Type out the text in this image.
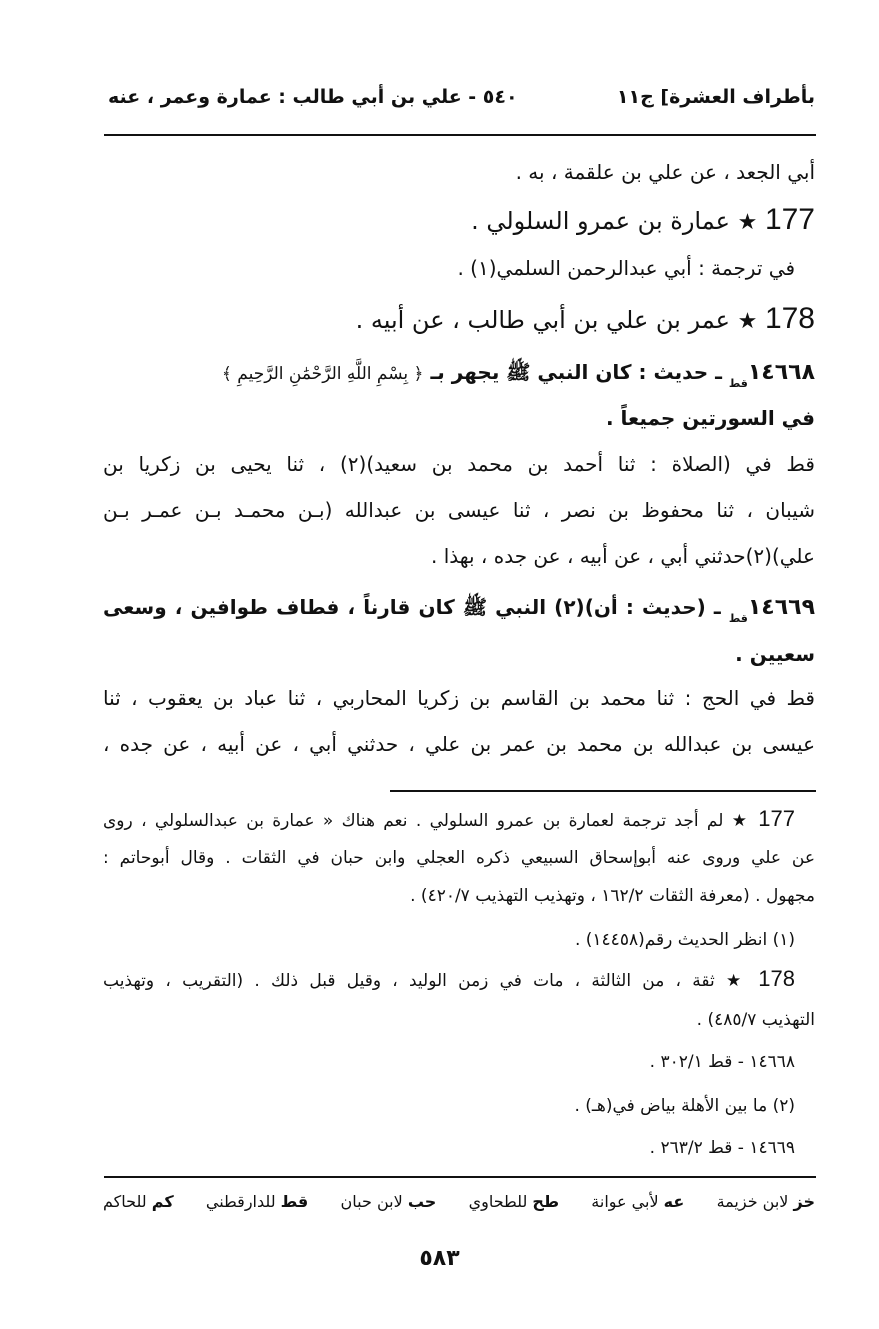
بأطراف العشرة] ج١١
٥٤٠ - علي بن أبي طالب : عمارة وعمر ، عنه
أبي الجعد ، عن علي بن علقمة ، به .
177 ★ عمارة بن عمرو السلولي .
في ترجمة : أبي عبدالرحمن السلمي(١) .
178 ★ عمر بن علي بن أبي طالب ، عن أبيه .
$١٤٦٦٨_{قط}$ ـ حديث : كان النبي ﷺ يجهر بـ ﴿ بِسْمِ اللَّهِ الرَّحْمَٰنِ الرَّحِيمِ ﴾
في السورتين جميعاً .
قط في (الصلاة : ثنا أحمد بن محمد بن سعيد)(٢) ، ثنا يحيى بن زكريا بن
شيبان ، ثنا محفوظ بن نصر ، ثنا عيسى بن عبدالله (بـن محمـد بـن عمـر بـن
علي)(٢)حدثني أبي ، عن أبيه ، عن جده ، بهذا .
$١٤٦٦٩_{قط}$ ـ (حديث : أن)(٢) النبي ﷺ كان قارناً ، فطاف طوافين ، وسعى
سعيين .
قط في الحج : ثنا محمد بن القاسم بن زكريا المحاربي ، ثنا عباد بن يعقوب ، ثنا
عيسى بن عبدالله بن محمد بن عمر بن علي ، حدثني أبي ، عن أبيه ، عن جده ،
177 ★ لم أجد ترجمة لعمارة بن عمرو السلولي . نعم هناك « عمارة بن عبدالسلولي ، روى
عن علي وروى عنه أبوإسحاق السبيعي ذكره العجلي وابن حبان في الثقات . وقال أبوحاتم :
مجهول . (معرفة الثقات ١٦٢/٢ ، وتهذيب التهذيب ٤٢٠/٧) .
(١) انظر الحديث رقم(١٤٤٥٨) .
178 ★ ثقة ، من الثالثة ، مات في زمن الوليد ، وقيل قبل ذلك . (التقريب ، وتهذيب
التهذيب ٤٨٥/٧) .
١٤٦٦٨ - قط ٣٠٢/١ .
(٢) ما بين الأهلة بياض في(هـ) .
١٤٦٦٩ - قط ٢٦٣/٢ .
خز لابن خزيمة
عه لأبي عوانة
طح للطحاوي
حب لابن حبان
قط للدارقطني
كم للحاكم
٥٨٣
